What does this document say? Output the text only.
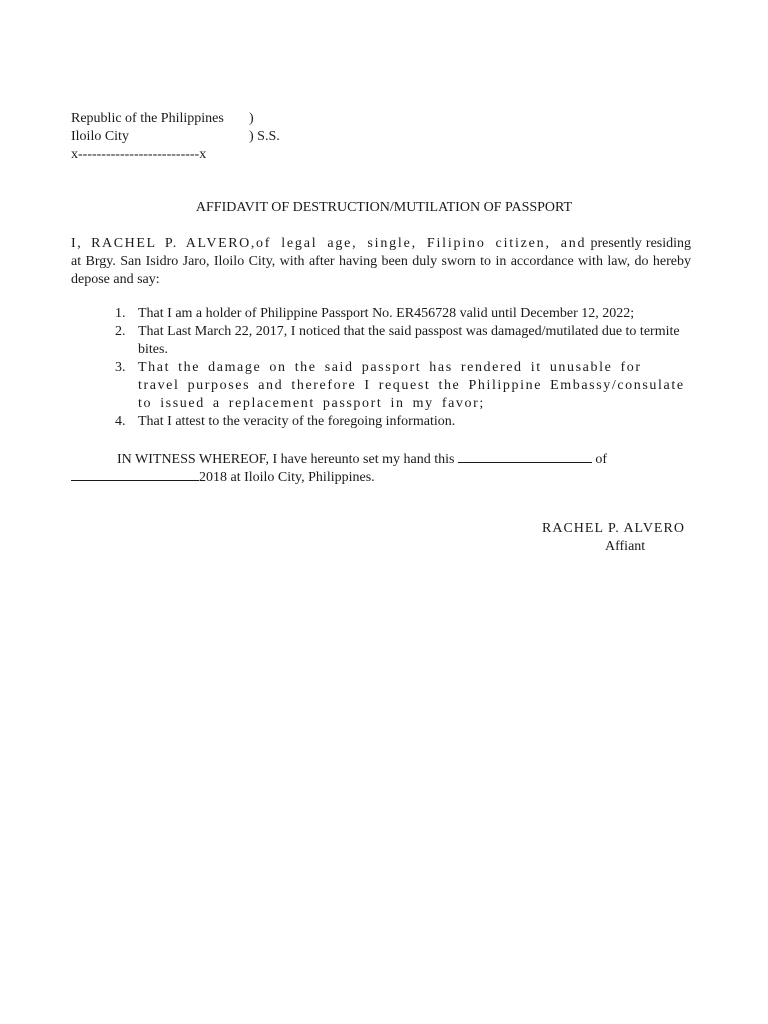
Republic of the Philippines )
Iloilo City	) S.S.
x--------------------------x
AFFIDAVIT OF DESTRUCTION/MUTILATION OF PASSPORT
I, RACHEL P. ALVERO,of legal age, single, Filipino citizen, and presently residing at Brgy. San Isidro Jaro, Iloilo City, with after having been duly sworn to in accordance with law, do hereby depose and say:
1. That I am a holder of Philippine Passport No. ER456728 valid until December 12, 2022;
2. That Last March 22, 2017, I noticed that the said passpost was damaged/mutilated due to termite bites.
3. That the damage on the said passport has rendered it unusable for travel purposes and therefore I request the Philippine Embassy/consulate to issued a replacement passport in my favor;
4. That I attest to the veracity of the foregoing information.
IN WITNESS WHEREOF, I have hereunto set my hand this	of
2018 at Iloilo City, Philippines.
RACHEL P. ALVERO
Affiant
